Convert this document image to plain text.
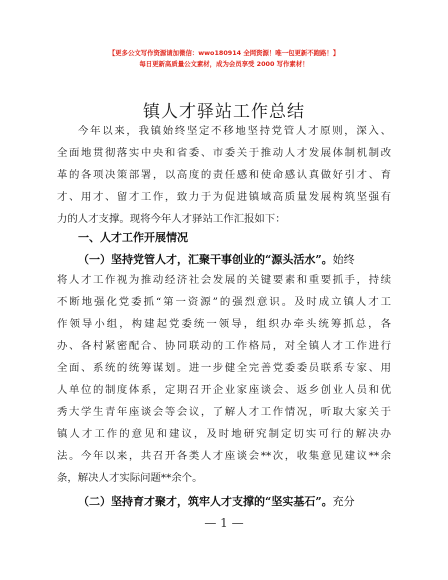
【更多公文写作资源请加微信：wwo180914 全网资源！唯一包更新不跑路！】
每日更新高质量公文素材，成为会员享受 2000 写作素材！
镇人才驿站工作总结
今年以来，我镇始终坚定不移地坚持党管人才原则，深入、
全面地贯彻落实中央和省委、市委关于推动人才发展体制机制改
革的各项决策部署，以高度的责任感和使命感认真做好引才、育
才、用才、留才工作，致力于为促进镇域高质量发展构筑坚强有
力的人才支撑。现将今年人才驿站工作汇报如下：
一、人才工作开展情况
（一）坚持党管人才，汇聚干事创业的“源头活水”。始终
将人才工作视为推动经济社会发展的关键要素和重要抓手，持续
不断地强化党委抓“第一资源”的强烈意识。及时成立镇人才工
作领导小组，构建起党委统一领导，组织办牵头统筹抓总，各
办、各村紧密配合、协同联动的工作格局，对全镇人才工作进行
全面、系统的统筹谋划。进一步健全完善党委委员联系专家、用
人单位的制度体系，定期召开企业家座谈会、返乡创业人员和优
秀大学生青年座谈会等会议，了解人才工作情况，听取大家关于
镇人才工作的意见和建议，及时地研究制定切实可行的解决办
法。今年以来，共召开各类人才座谈会**次，收集意见建议**余
条，解决人才实际问题**余个。
（二）坚持育才聚才，筑牢人才支撑的“坚实基石”。充分
— 1 —
